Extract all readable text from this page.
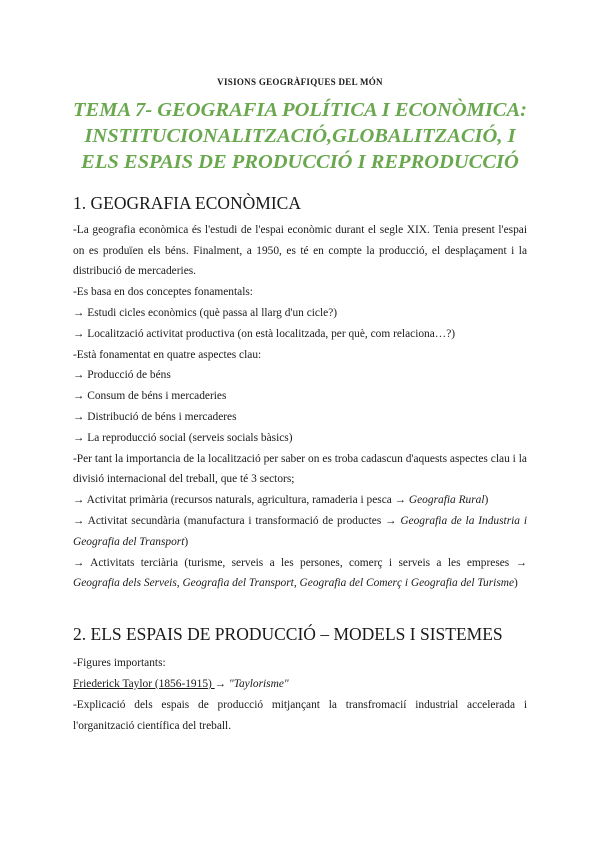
VISIONS GEOGRÀFIQUES DEL MÓN

TEMA 7- GEOGRAFIA POLÍTICA I ECONÒMICA: INSTITUCIONALITZACIÓ,GLOBALITZACIÓ, I ELS ESPAIS DE PRODUCCIÓ I REPRODUCCIÓ
1. GEOGRAFIA ECONÒMICA

-La geografia econòmica és l'estudi de l'espai econòmic durant el segle XIX. Tenia present l'espai on es produïen els béns. Finalment, a 1950, es té en compte la producció, el desplaçament i la distribució de mercaderies.

-Es basa en dos conceptes fonamentals:

→ Estudi cicles econòmics (què passa al llarg d'un cicle?)

→ Localització activitat productiva (on està localitzada, per què, com relaciona…?)

-Està fonamentat en quatre aspectes clau:

→ Producció de béns

→ Consum de béns i mercaderies

→ Distribució de béns i mercaderes

→ La reproducció social (serveis socials bàsics)

-Per tant la importancia de la localització per saber on es troba cadascun d'aquests aspectes clau i la divisió internacional del treball, que té 3 sectors;

→ Activitat primària (recursos naturals, agricultura, ramaderia i pesca → Geografia Rural)

→ Activitat secundària (manufactura i transformació de productes → Geografia de la Industria i Geografia del Transport)

→ Activitats terciària (turisme, serveis a les persones, comerç i serveis a les empreses → Geografia dels Serveis, Geografia del Transport, Geografia del Comerç i Geografia del Turisme)

2. ELS ESPAIS DE PRODUCCIÓ – MODELS I SISTEMES

-Figures importants:

Friederick Taylor (1856-1915) → "Taylorisme"

-Explicació dels espais de producció mitjançant la transfromacií industrial accelerada i l'organització científica del treball.
